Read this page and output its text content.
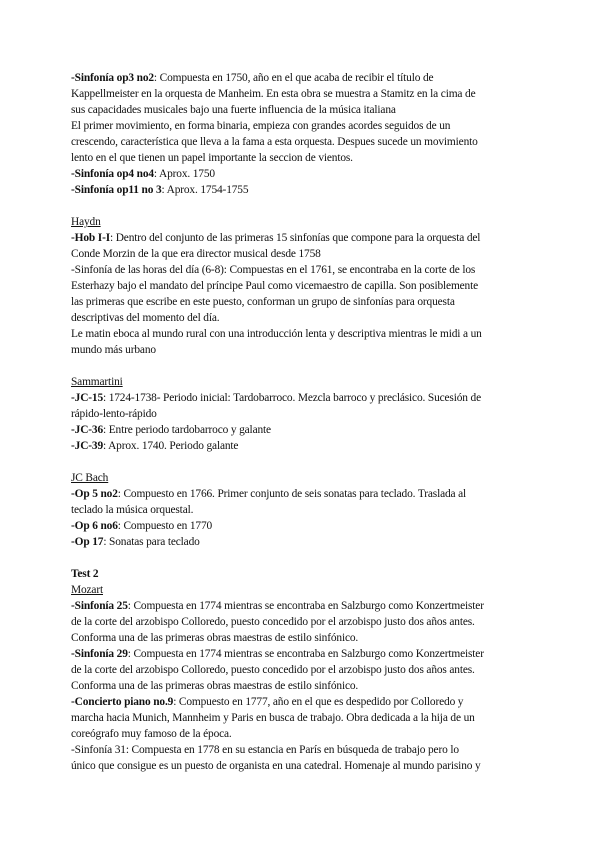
-Sinfonía op3 no2: Compuesta en 1750, año en el que acaba de recibir el título de
Kappellmeister en la orquesta de Manheim. En esta obra se muestra a Stamitz en la cima de
sus capacidades musicales bajo una fuerte influencia de la música italiana
El primer movimiento, en forma binaria, empieza con grandes acordes seguidos de un
crescendo, característica que lleva a la fama a esta orquesta. Despues sucede un movimiento
lento en el que tienen un papel importante la seccion de vientos.
-Sinfonía op4 no4: Aprox. 1750
-Sinfonía op11 no 3: Aprox. 1754-1755
Haydn
-Hob I-I: Dentro del conjunto de las primeras 15 sinfonías que compone para la orquesta del
Conde Morzin de la que era director musical desde 1758
-Sinfonía de las horas del día (6-8): Compuestas en el 1761, se encontraba en la corte de los
Esterhazy bajo el mandato del príncipe Paul como vicemaestro de capilla. Son posiblemente
las primeras que escribe en este puesto, conforman un grupo de sinfonías para orquesta
descriptivas del momento del día.
Le matin eboca al mundo rural con una introducción lenta y descriptiva mientras le midi a un
mundo más urbano
Sammartini
-JC-15: 1724-1738- Periodo inicial: Tardobarroco. Mezcla barroco y preclásico. Sucesión de
rápido-lento-rápido
-JC-36: Entre periodo tardobarroco y galante
-JC-39: Aprox. 1740. Periodo galante
JC Bach
-Op 5 no2: Compuesto en 1766. Primer conjunto de seis sonatas para teclado. Traslada al
teclado la música orquestal.
-Op 6 no6: Compuesto en 1770
-Op 17: Sonatas para teclado
Test 2
Mozart
-Sinfonía 25: Compuesta en 1774 mientras se encontraba en Salzburgo como Konzertmeister
de la corte del arzobispo Colloredo, puesto concedido por el arzobispo justo dos años antes.
Conforma una de las primeras obras maestras de estilo sinfónico.
-Sinfonía 29: Compuesta en 1774 mientras se encontraba en Salzburgo como Konzertmeister
de la corte del arzobispo Colloredo, puesto concedido por el arzobispo justo dos años antes.
Conforma una de las primeras obras maestras de estilo sinfónico.
-Concierto piano no.9: Compuesto en 1777, año en el que es despedido por Colloredo y
marcha hacia Munich, Mannheim y Paris en busca de trabajo. Obra dedicada a la hija de un
coreógrafo muy famoso de la época.
-Sinfonía 31: Compuesta en 1778 en su estancia en París en búsqueda de trabajo pero lo
único que consigue es un puesto de organista en una catedral. Homenaje al mundo parisino y
